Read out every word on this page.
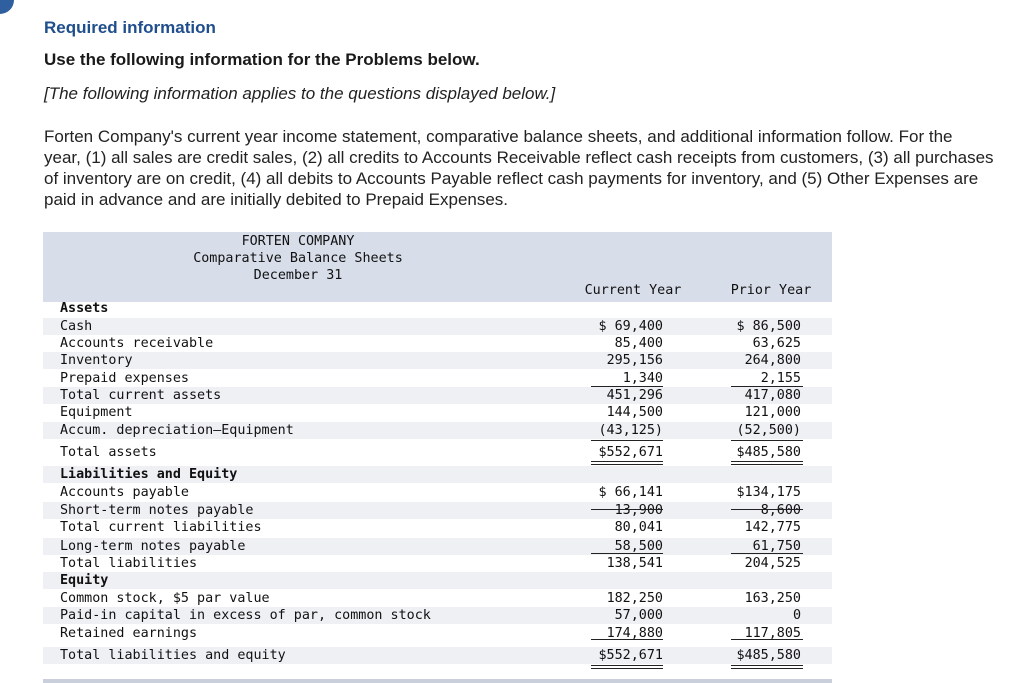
Required information
Use the following information for the Problems below.
[The following information applies to the questions displayed below.]
Forten Company's current year income statement, comparative balance sheets, and additional information follow. For the year, (1) all sales are credit sales, (2) all credits to Accounts Receivable reflect cash receipts from customers, (3) all purchases of inventory are on credit, (4) all debits to Accounts Payable reflect cash payments for inventory, and (5) Other Expenses are paid in advance and are initially debited to Prepaid Expenses.
FORTEN COMPANY
Comparative Balance Sheets
December 31
Current Year	Prior Year
Assets
Cash	$ 69,400	$ 86,500
Accounts receivable	85,400	63,625
Inventory	295,156	264,800
Prepaid expenses	1,340	2,155
Total current assets	451,296	417,080
Equipment	144,500	121,000
Accum. depreciation—Equipment	(43,125)	(52,500)
Total assets	$552,671	$485,580
Liabilities and Equity
Accounts payable	$ 66,141	$134,175
Short-term notes payable	13,900	8,600
Total current liabilities	80,041	142,775
Long-term notes payable	58,500	61,750
Total liabilities	138,541	204,525
Equity
Common stock, $5 par value	182,250	163,250
Paid-in capital in excess of par, common stock	57,000	0
Retained earnings	174,880	117,805
Total liabilities and equity	$552,671	$485,580
